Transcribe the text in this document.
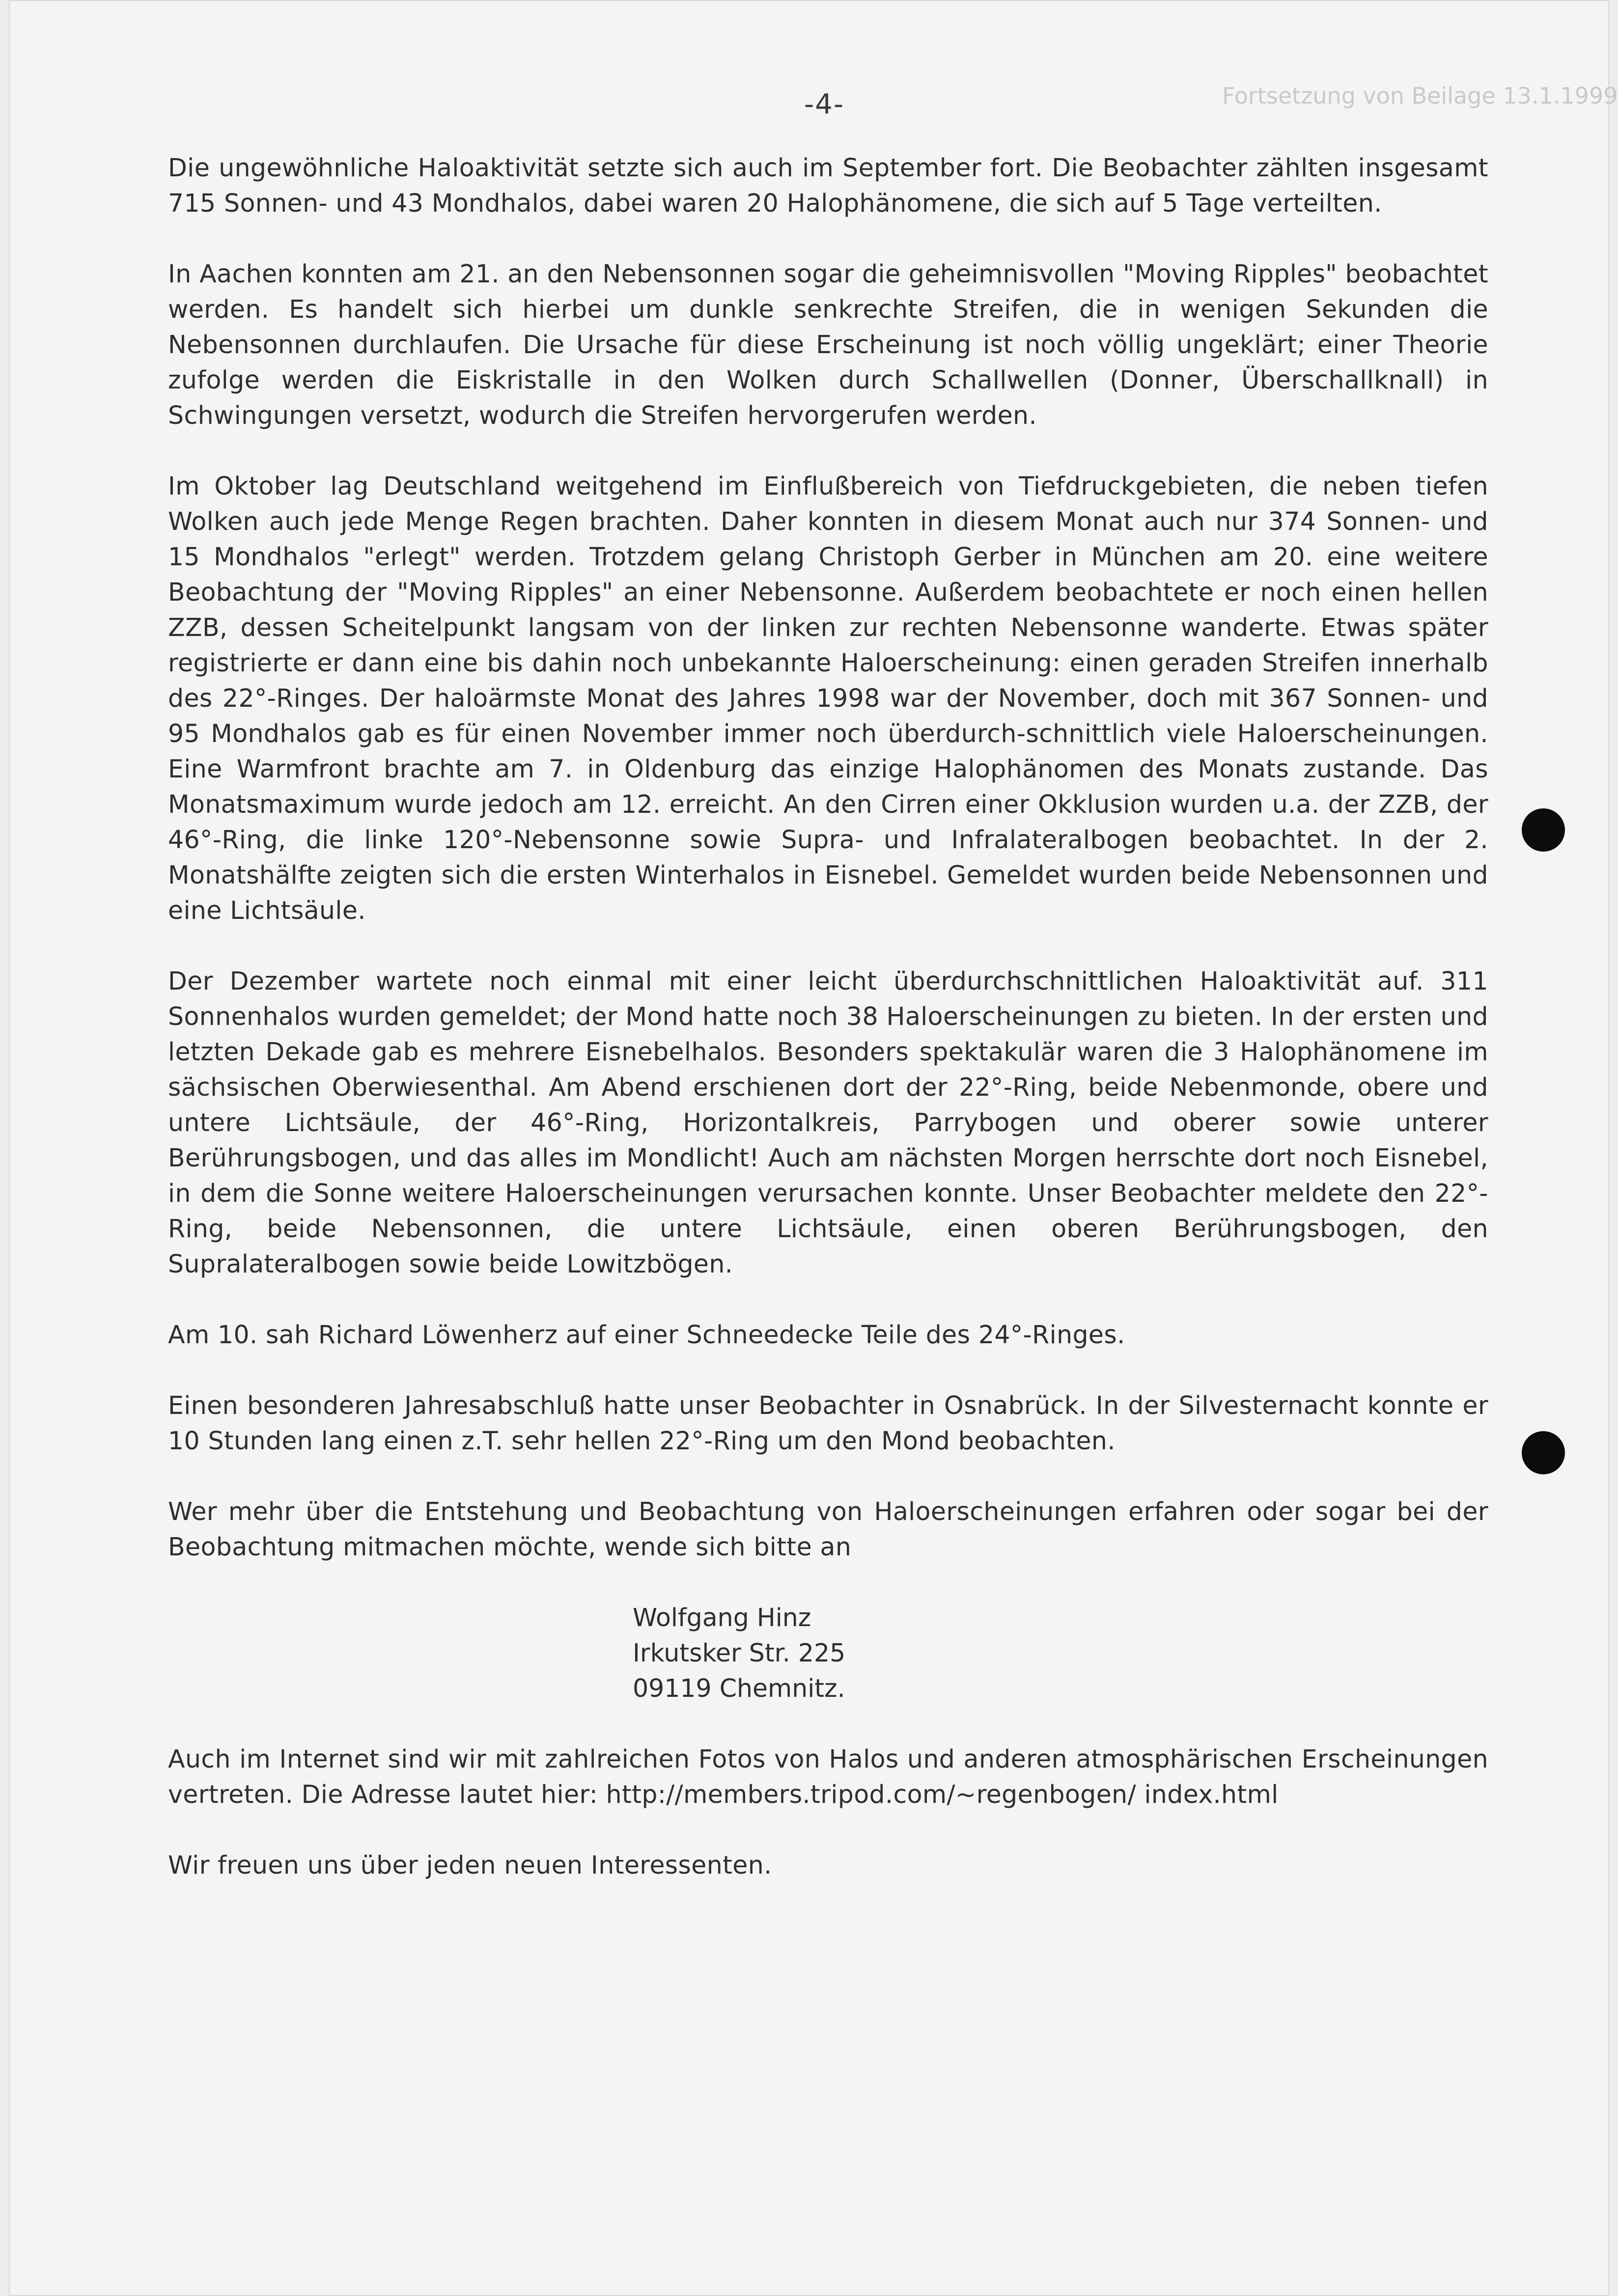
Fortsetzung von Beilage 13.1.1999
-4-

Die ungewöhnliche Haloaktivität setzte sich auch im September fort. Die Beobachter zählten insgesamt 715 Sonnen- und 43 Mondhalos, dabei waren 20 Halophänomene, die sich auf 5 Tage verteilten.

In Aachen konnten am 21. an den Nebensonnen sogar die geheimnisvollen "Moving Ripples" beobachtet werden. Es handelt sich hierbei um dunkle senkrechte Streifen, die in wenigen Sekunden die Nebensonnen durchlaufen. Die Ursache für diese Erscheinung ist noch völlig ungeklärt; einer Theorie zufolge werden die Eiskristalle in den Wolken durch Schallwellen (Donner, Überschallknall) in Schwingungen versetzt, wodurch die Streifen hervorgerufen werden.

Im Oktober lag Deutschland weitgehend im Einflußbereich von Tiefdruckgebieten, die neben tiefen Wolken auch jede Menge Regen brachten. Daher konnten in diesem Monat auch nur 374 Sonnen- und 15 Mondhalos "erlegt" werden. Trotzdem gelang Christoph Gerber in München am 20. eine weitere Beobachtung der "Moving Ripples" an einer Nebensonne. Außerdem beobachtete er noch einen hellen ZZB, dessen Scheitelpunkt langsam von der linken zur rechten Nebensonne wanderte. Etwas später registrierte er dann eine bis dahin noch unbekannte Haloerscheinung: einen geraden Streifen innerhalb des 22°-Ringes. Der haloärmste Monat des Jahres 1998 war der November, doch mit 367 Sonnen- und 95 Mondhalos gab es für einen November immer noch überdurch-schnittlich viele Haloerscheinungen. Eine Warmfront brachte am 7. in Oldenburg das einzige Halophänomen des Monats zustande. Das Monatsmaximum wurde jedoch am 12. erreicht. An den Cirren einer Okklusion wurden u.a. der ZZB, der 46°-Ring, die linke 120°-Nebensonne sowie Supra- und Infralateralbogen beobachtet. In der 2. Monatshälfte zeigten sich die ersten Winterhalos in Eisnebel. Gemeldet wurden beide Nebensonnen und eine Lichtsäule.

Der Dezember wartete noch einmal mit einer leicht überdurchschnittlichen Haloaktivität auf. 311 Sonnenhalos wurden gemeldet; der Mond hatte noch 38 Haloerscheinungen zu bieten. In der ersten und letzten Dekade gab es mehrere Eisnebelhalos. Besonders spektakulär waren die 3 Halophänomene im sächsischen Oberwiesenthal. Am Abend erschienen dort der 22°-Ring, beide Nebenmonde, obere und untere Lichtsäule, der 46°-Ring, Horizontalkreis, Parrybogen und oberer sowie unterer Berührungsbogen, und das alles im Mondlicht! Auch am nächsten Morgen herrschte dort noch Eisnebel, in dem die Sonne weitere Haloerscheinungen verursachen konnte. Unser Beobachter meldete den 22°-Ring, beide Nebensonnen, die untere Lichtsäule, einen oberen Berührungsbogen, den Supralateralbogen sowie beide Lowitzbögen.

Am 10. sah Richard Löwenherz auf einer Schneedecke Teile des 24°-Ringes.

Einen besonderen Jahresabschluß hatte unser Beobachter in Osnabrück. In der Silvesternacht konnte er 10 Stunden lang einen z.T. sehr hellen 22°-Ring um den Mond beobachten.

Wer mehr über die Entstehung und Beobachtung von Haloerscheinungen erfahren oder sogar bei der Beobachtung mitmachen möchte, wende sich bitte an

Wolfgang Hinz
Irkutsker Str. 225
09119 Chemnitz.

Auch im Internet sind wir mit zahlreichen Fotos von Halos und anderen atmosphärischen Erscheinungen vertreten. Die Adresse lautet hier: http://members.tripod.com/~regenbogen/ index.html

Wir freuen uns über jeden neuen Interessenten.
